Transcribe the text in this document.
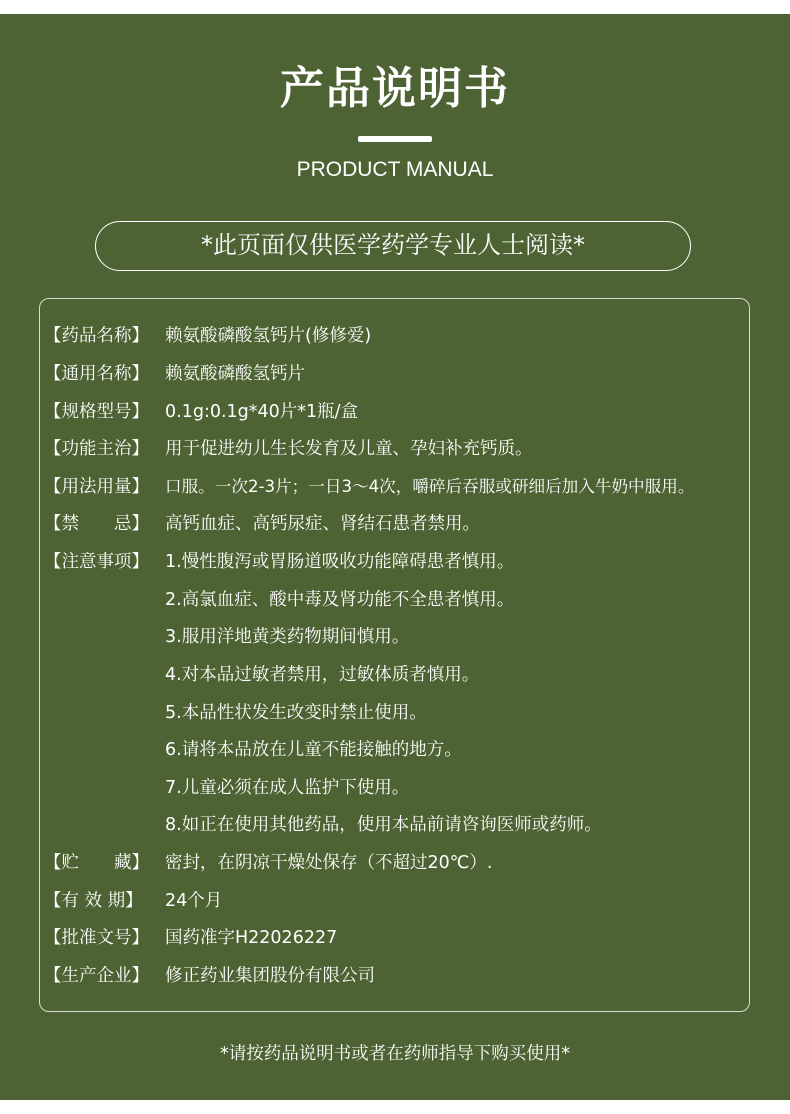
产品说明书
PRODUCT MANUAL
*此页面仅供医学药学专业人士阅读*
【药品名称】 赖氨酸磷酸氢钙片(修修爱)
【通用名称】 赖氨酸磷酸氢钙片
【规格型号】 0.1g:0.1g*40片*1瓶/盒
【功能主治】 用于促进幼儿生长发育及儿童、孕妇补充钙质。
【用法用量】 口服。一次2-3片；一日3～4次，嚼碎后吞服或研细后加入牛奶中服用。
【禁　　忌】 高钙血症、高钙尿症、肾结石患者禁用。
【注意事项】 1.慢性腹泻或胃肠道吸收功能障碍患者慎用。
2.高氯血症、酸中毒及肾功能不全患者慎用。
3.服用洋地黄类药物期间慎用。
4.对本品过敏者禁用，过敏体质者慎用。
5.本品性状发生改变时禁止使用。
6.请将本品放在儿童不能接触的地方。
7.儿童必须在成人监护下使用。
8.如正在使用其他药品，使用本品前请咨询医师或药师。
【贮　　藏】 密封，在阴凉干燥处保存（不超过20℃）.
【有 效 期】 24个月
【批准文号】 国药准字H22026227
【生产企业】 修正药业集团股份有限公司
*请按药品说明书或者在药师指导下购买使用*
